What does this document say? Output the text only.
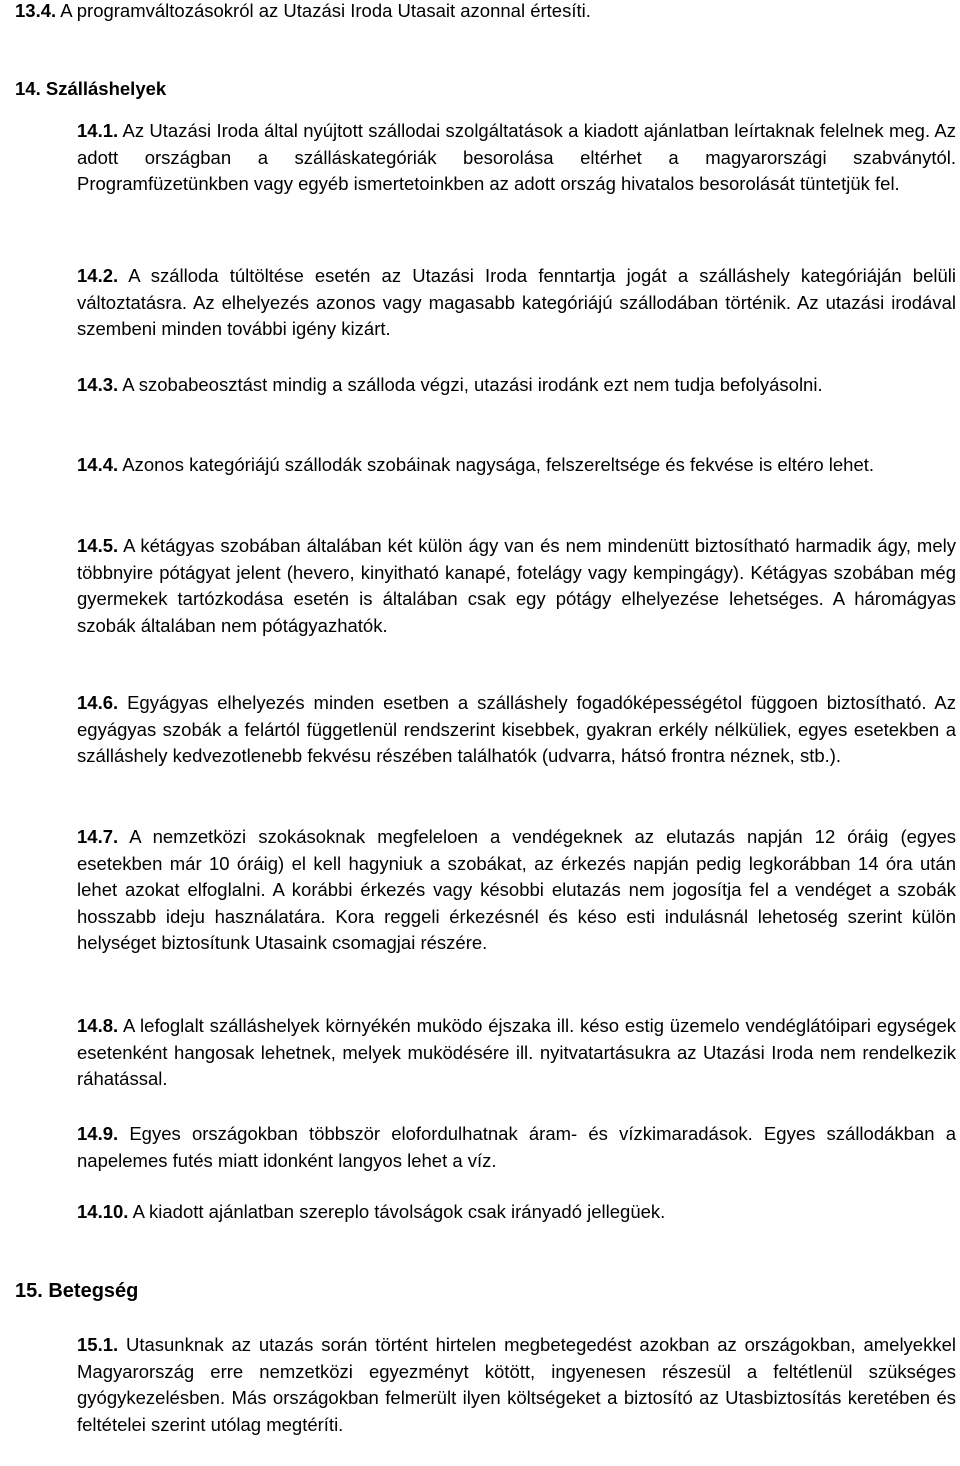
13.4. A programváltozásokról az Utazási Iroda Utasait azonnal értesíti.
14. Szálláshelyek

14.1. Az Utazási Iroda által nyújtott szállodai szolgáltatások a kiadott ajánlatban leírtaknak felelnek meg. Az adott országban a szálláskategóriák besorolása eltérhet a magyarországi szabványtól. Programfüzetünkben vagy egyéb ismertetoinkben az adott ország hivatalos besorolását tüntetjük fel.

14.2. A szálloda túltöltése esetén az Utazási Iroda fenntartja jogát a szálláshely kategóriáján belüli változtatásra. Az elhelyezés azonos vagy magasabb kategóriájú szállodában történik. Az utazási irodával szembeni minden további igény kizárt.

14.3. A szobabeosztást mindig a szálloda végzi, utazási irodánk ezt nem tudja befolyásolni.

14.4. Azonos kategóriájú szállodák szobáinak nagysága, felszereltsége és fekvése is eltéro lehet.

14.5. A kétágyas szobában általában két külön ágy van és nem mindenütt biztosítható harmadik ágy, mely többnyire pótágyat jelent (hevero, kinyitható kanapé, fotelágy vagy kempingágy). Kétágyas szobában még gyermekek tartózkodása esetén is általában csak egy pótágy elhelyezése lehetséges. A háromágyas szobák általában nem pótágyazhatók.

14.6. Egyágyas elhelyezés minden esetben a szálláshely fogadóképességétol függoen biztosítható. Az egyágyas szobák a felártól függetlenül rendszerint kisebbek, gyakran erkély nélküliek, egyes esetekben a szálláshely kedvezotlenebb fekvésu részében találhatók (udvarra, hátsó frontra néznek, stb.).

14.7. A nemzetközi szokásoknak megfeleloen a vendégeknek az elutazás napján 12 óráig (egyes esetekben már 10 óráig) el kell hagyniuk a szobákat, az érkezés napján pedig legkorábban 14 óra után lehet azokat elfoglalni. A korábbi érkezés vagy késobbi elutazás nem jogosítja fel a vendéget a szobák hosszabb ideju használatára. Kora reggeli érkezésnél és késo esti indulásnál lehetoség szerint külön helységet biztosítunk Utasaink csomagjai részére.

14.8. A lefoglalt szálláshelyek környékén muködo éjszaka ill. késo estig üzemelo vendéglátóipari egységek esetenként hangosak lehetnek, melyek muködésére ill. nyitvatartásukra az Utazási Iroda nem rendelkezik ráhatással.

14.9. Egyes országokban többször elofordulhatnak áram- és vízkimaradások. Egyes szállodákban a napelemes futés miatt idonként langyos lehet a víz.

14.10. A kiadott ajánlatban szereplo távolságok csak irányadó jellegüek.

15. Betegség

15.1. Utasunknak az utazás során történt hirtelen megbetegedést azokban az országokban, amelyekkel Magyarország erre nemzetközi egyezményt kötött, ingyenesen részesül a feltétlenül szükséges gyógykezelésben. Más országokban felmerült ilyen költségeket a biztosító az Utasbiztosítás keretében és feltételei szerint utólag megtéríti.
